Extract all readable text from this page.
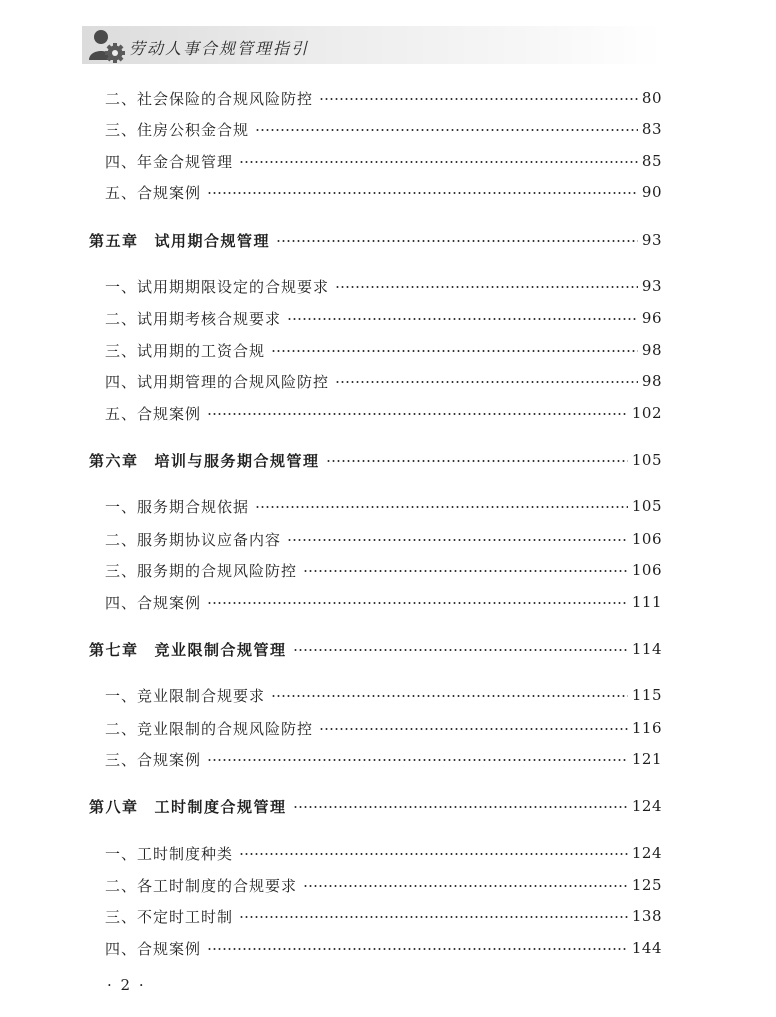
劳动人事合规管理指引
二、社会保险的合规风险防控	80
三、住房公积金合规	83
四、年金合规管理	85
五、合规案例	90
第五章 试用期合规管理	93
一、试用期期限设定的合规要求	93
二、试用期考核合规要求	96
三、试用期的工资合规	98
四、试用期管理的合规风险防控	98
五、合规案例	102
第六章 培训与服务期合规管理	105
一、服务期合规依据	105
二、服务期协议应备内容	106
三、服务期的合规风险防控	106
四、合规案例	111
第七章 竞业限制合规管理	114
一、竞业限制合规要求	115
二、竞业限制的合规风险防控	116
三、合规案例	121
第八章 工时制度合规管理	124
一、工时制度种类	124
二、各工时制度的合规要求	125
三、不定时工时制	138
四、合规案例	144
· 2 ·
